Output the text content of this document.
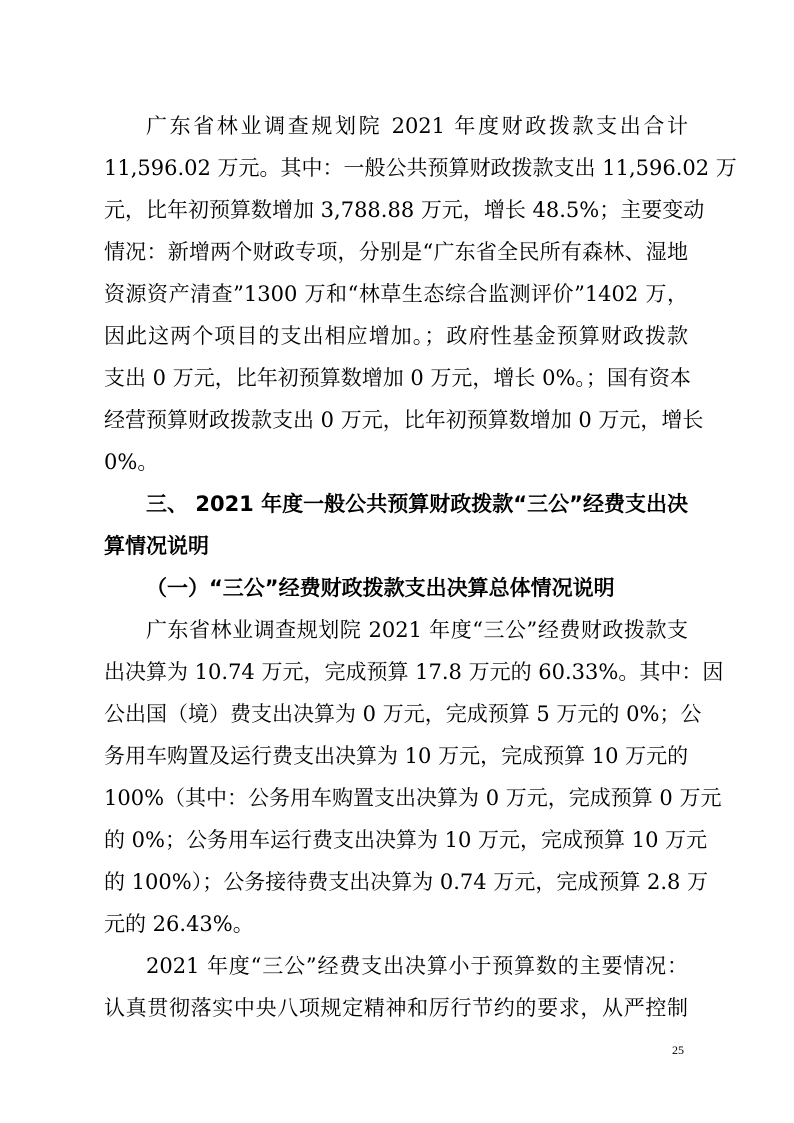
广东省林业调查规划院 2021 年度财政拨款支出合计
11,596.02 万元。其中：一般公共预算财政拨款支出 11,596.02 万
元，比年初预算数增加 3,788.88 万元，增长 48.5%；主要变动
情况：新增两个财政专项，分别是“广东省全民所有森林、湿地
资源资产清查”1300 万和“林草生态综合监测评价”1402 万，
因此这两个项目的支出相应增加。；政府性基金预算财政拨款
支出 0 万元，比年初预算数增加 0 万元，增长 0%。；国有资本
经营预算财政拨款支出 0 万元，比年初预算数增加 0 万元，增长
0%。
三、 2021 年度一般公共预算财政拨款“三公”经费支出决
算情况说明
（一）“三公”经费财政拨款支出决算总体情况说明
广东省林业调查规划院 2021 年度“三公”经费财政拨款支
出决算为 10.74 万元，完成预算 17.8 万元的 60.33%。其中：因
公出国（境）费支出决算为 0 万元，完成预算 5 万元的 0%；公
务用车购置及运行费支出决算为 10 万元，完成预算 10 万元的
100%（其中：公务用车购置支出决算为 0 万元，完成预算 0 万元
的 0%；公务用车运行费支出决算为 10 万元，完成预算 10 万元
的 100%）；公务接待费支出决算为 0.74 万元，完成预算 2.8 万
元的 26.43%。
2021 年度“三公”经费支出决算小于预算数的主要情况：
认真贯彻落实中央八项规定精神和厉行节约的要求，从严控制
25
